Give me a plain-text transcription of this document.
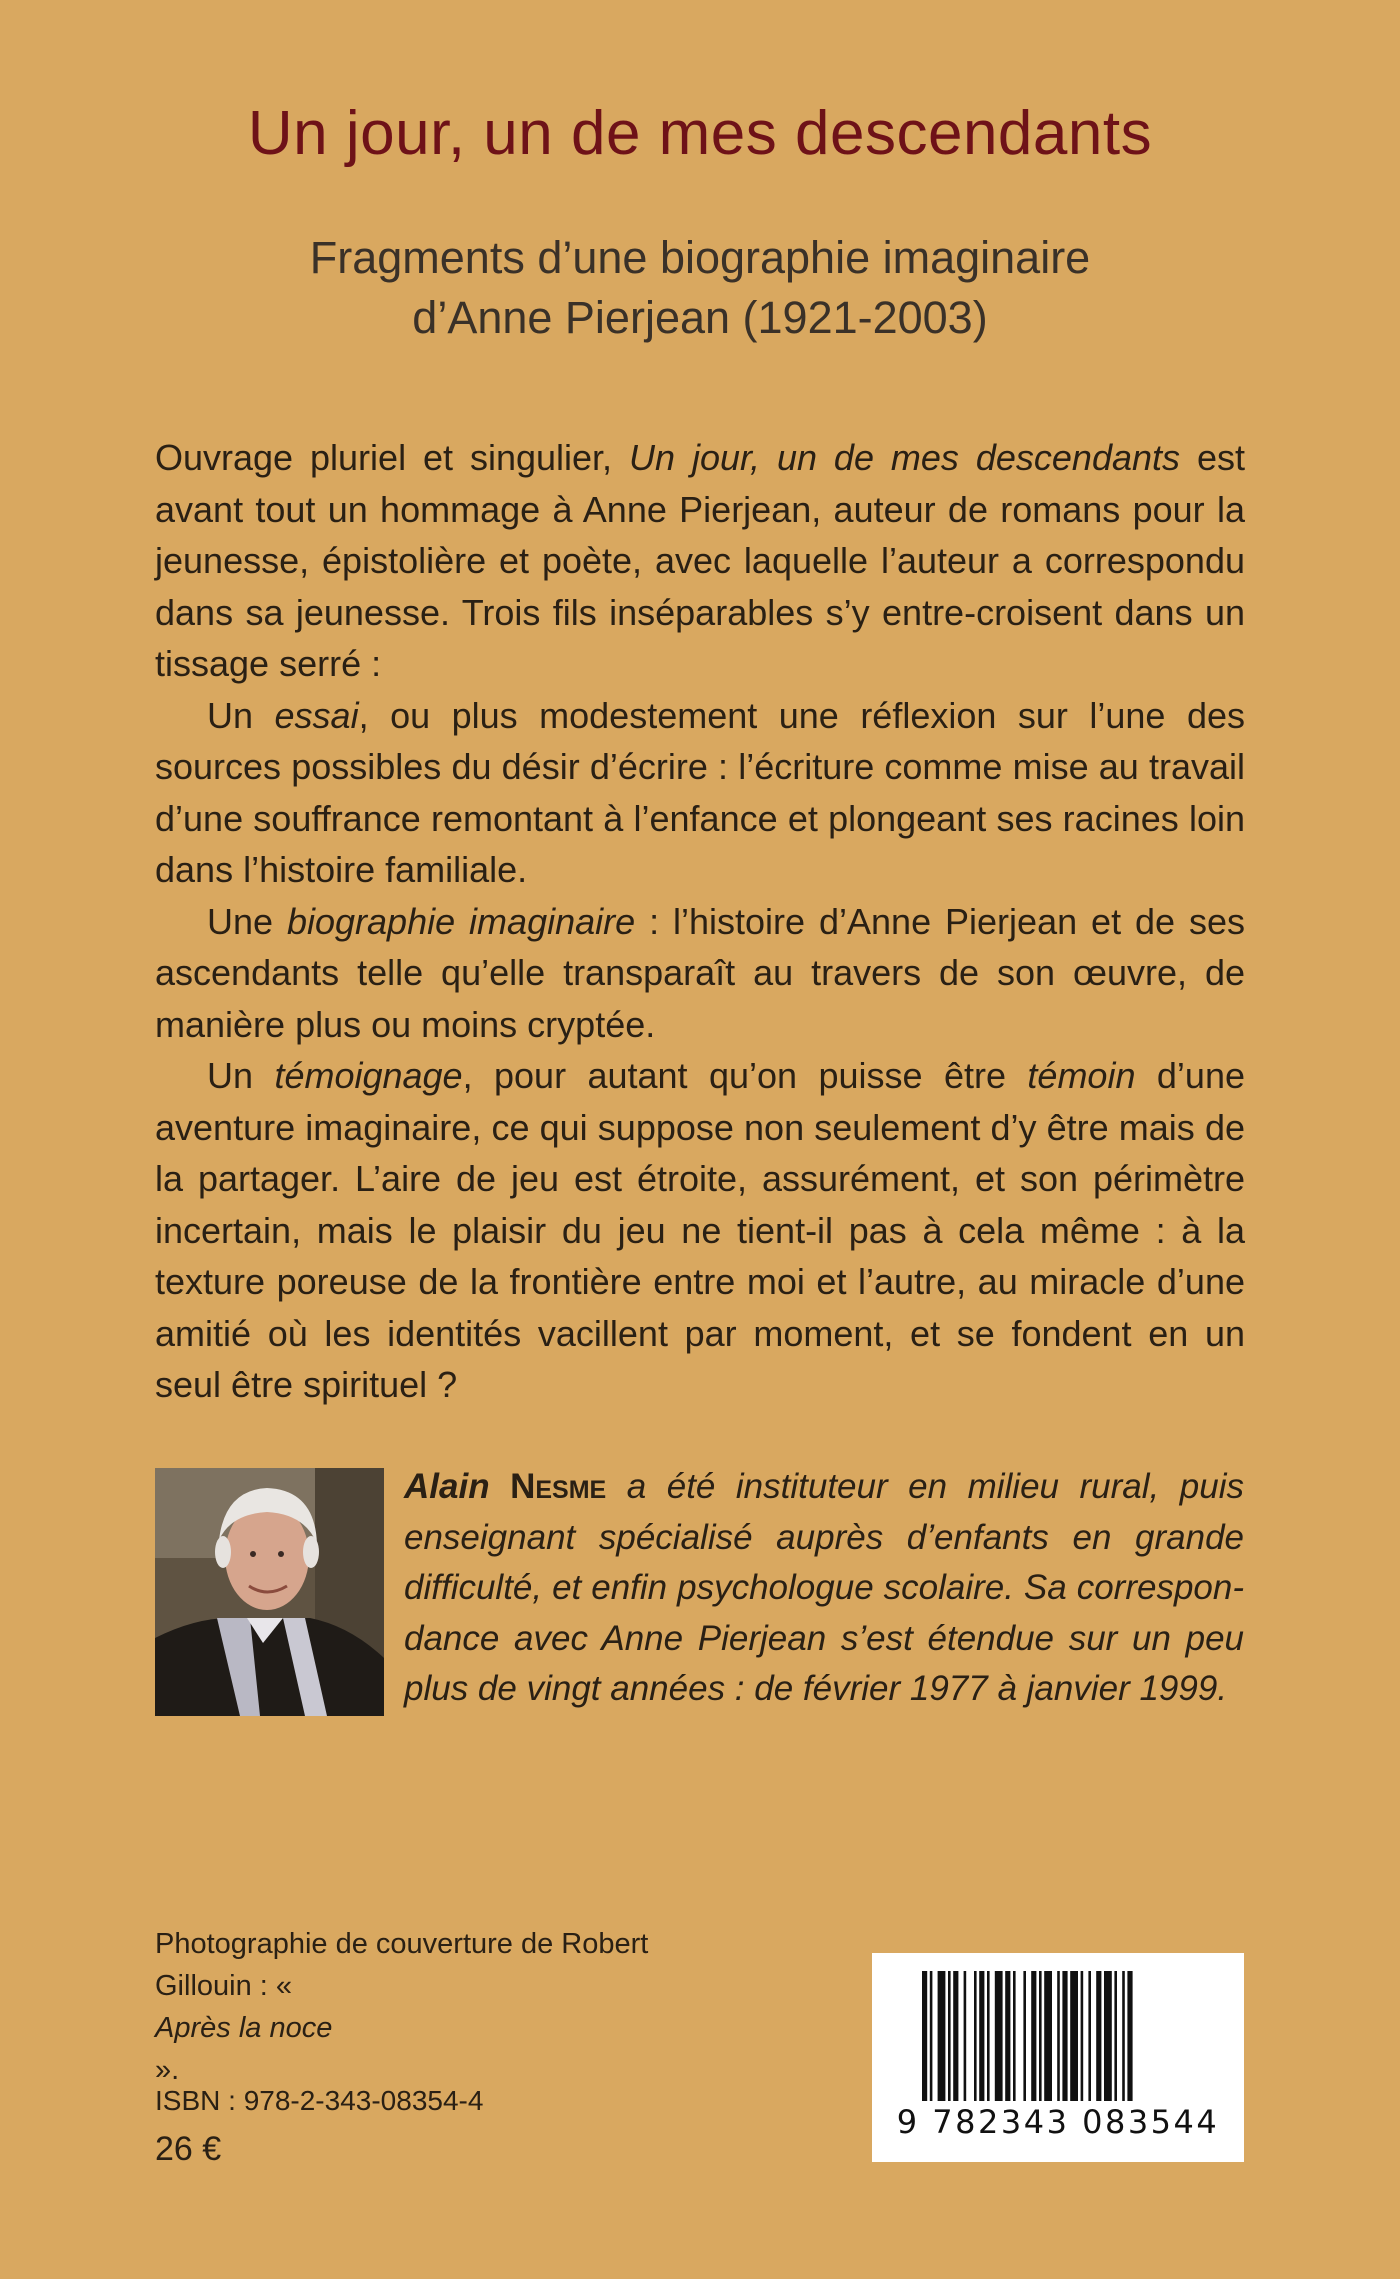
Un jour, un de mes descendants
Fragments d’une biographie imaginaire
d’Anne Pierjean (1921-2003)

Ouvrage pluriel et singulier, Un jour, un de mes descendants est avant tout un hommage à Anne Pierjean, auteur de romans pour la jeunesse, épistolière et poète, avec laquelle l’auteur a correspondu dans sa jeunesse. Trois fils inséparables s’y entre-croisent dans un tissage serré :

Un essai, ou plus modestement une réflexion sur l’une des sources possibles du désir d’écrire : l’écriture comme mise au travail d’une souffrance remontant à l’enfance et plongeant ses racines loin dans l’histoire familiale.

Une biographie imaginaire : l’histoire d’Anne Pierjean et de ses ascendants telle qu’elle transparaît au travers de son œuvre, de manière plus ou moins cryptée.

Un témoignage, pour autant qu’on puisse être témoin d’une aventure imaginaire, ce qui suppose non seulement d’y être mais de la partager. L’aire de jeu est étroite, assurément, et son périmètre incertain, mais le plaisir du jeu ne tient-il pas à cela même : à la texture poreuse de la frontière entre moi et l’autre, au miracle d’une amitié où les identités vacillent par moment, et se fondent en un seul être spirituel ?

Alain Nesme a été instituteur en milieu rural, puis enseignant spécialisé auprès d’enfants en grande difficulté, et enfin psychologue scolaire. Sa correspon-dance avec Anne Pierjean s’est étendue sur un peu plus de vingt années : de février 1977 à janvier 1999.

Photographie de couverture de Robert
Gillouin : «
Après la noce
».
ISBN : 978-2-343-08354-4
26 €
9 782343 083544
